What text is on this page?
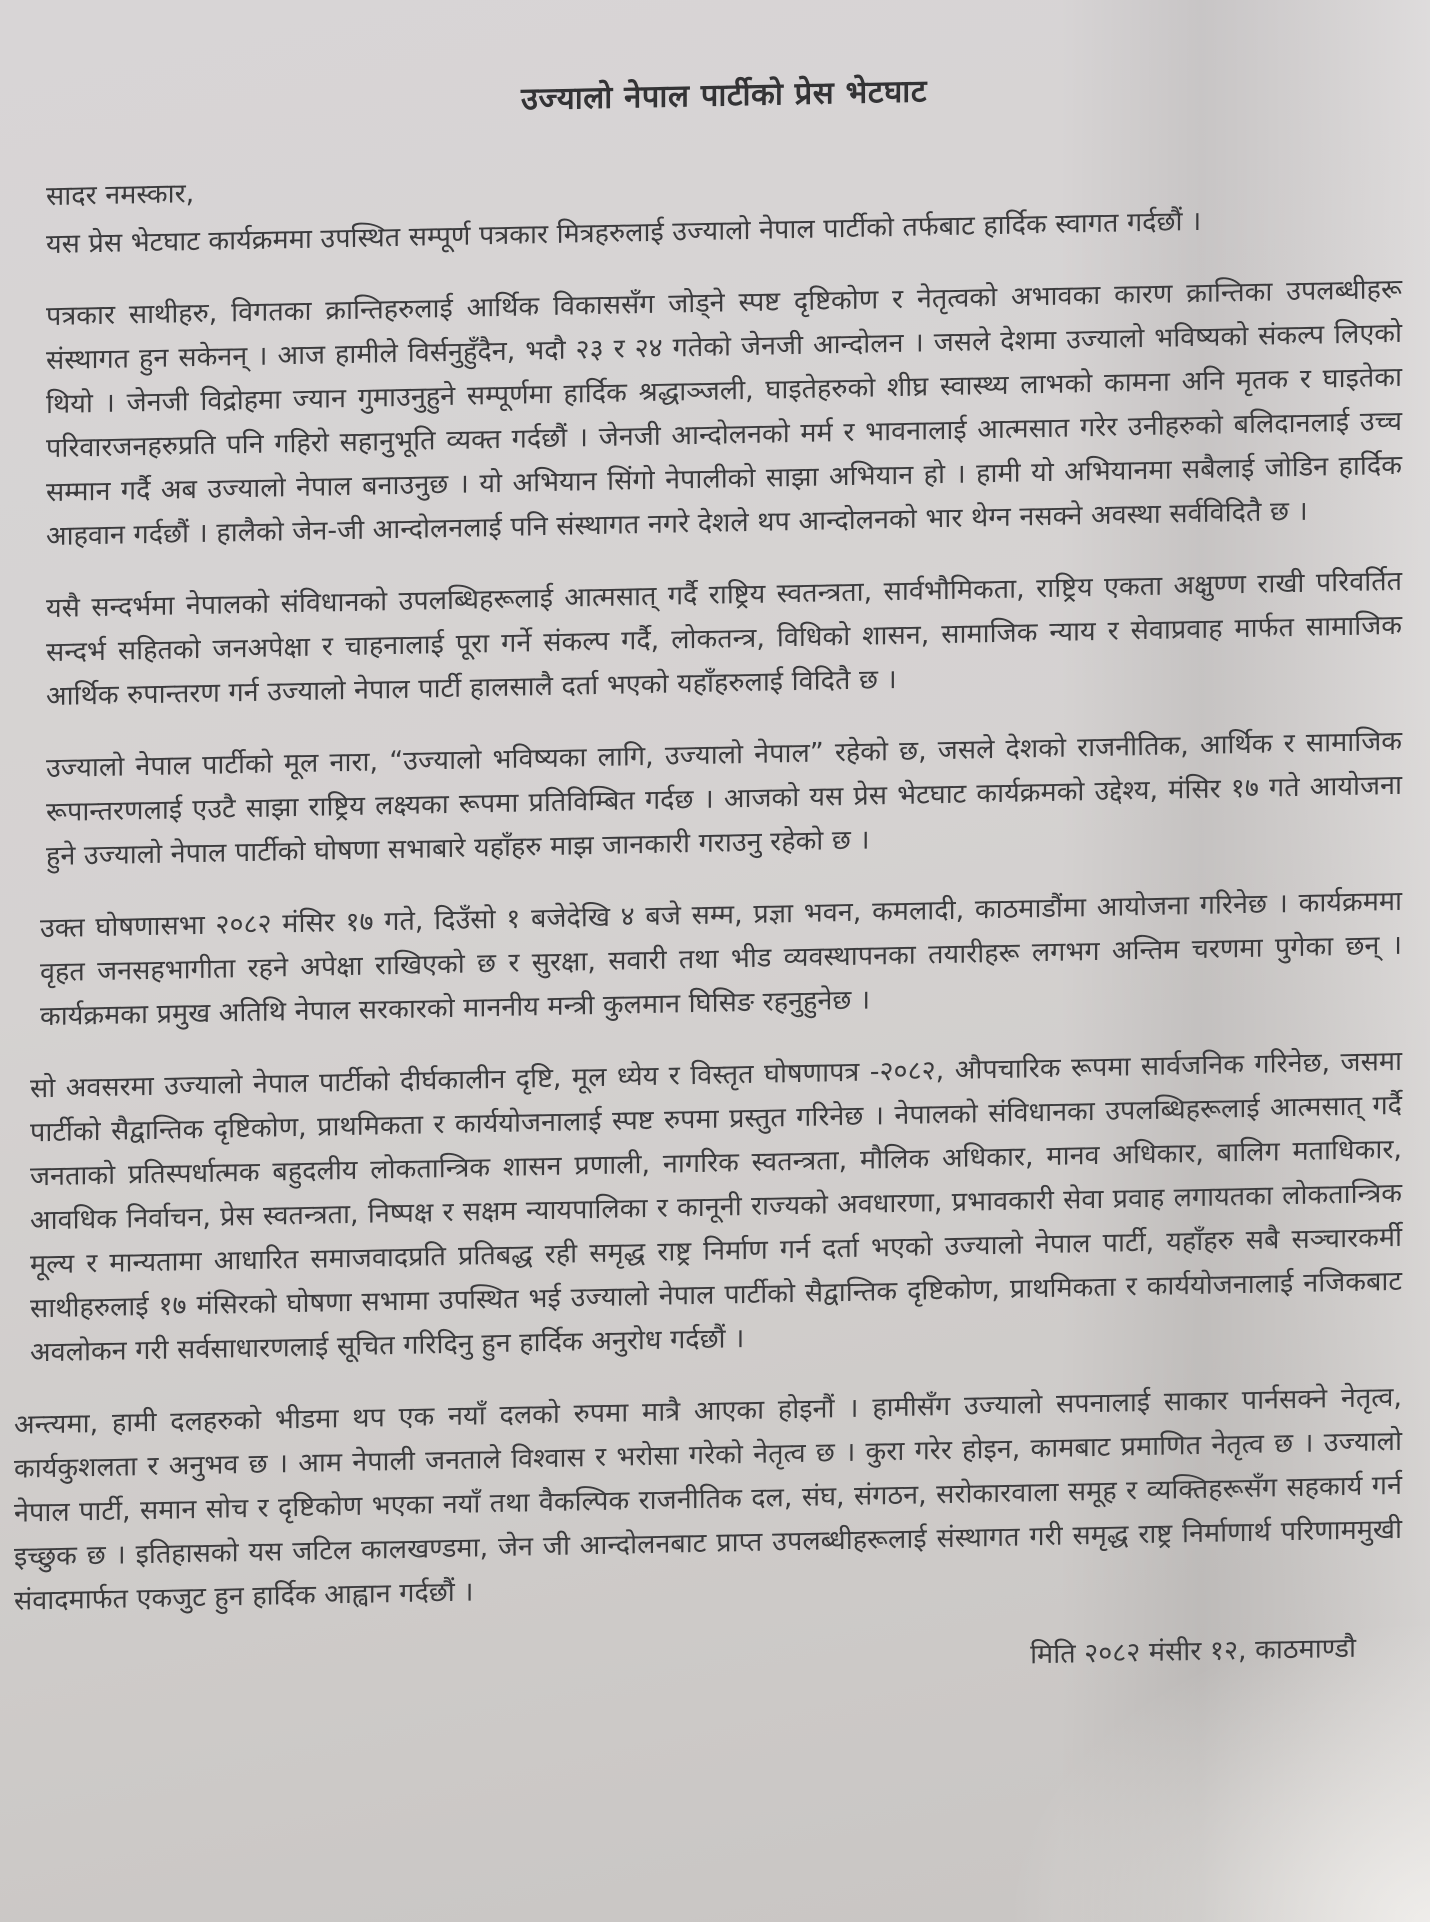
उज्यालो नेपाल पार्टीको प्रेस भेटघाट

सादर नमस्कार,

यस प्रेस भेटघाट कार्यक्रममा उपस्थित सम्पूर्ण पत्रकार मित्रहरुलाई उज्यालो नेपाल पार्टीको तर्फबाट हार्दिक स्वागत गर्दछौं ।

पत्रकार साथीहरु, विगतका क्रान्तिहरुलाई आर्थिक विकाससँग जोड्ने स्पष्ट दृष्टिकोण र नेतृत्वको अभावका कारण क्रान्तिका उपलब्धीहरू संस्थागत हुन सकेनन् । आज हामीले विर्सनुहुँदैन, भदौ २३ र २४ गतेको जेनजी आन्दोलन । जसले देशमा उज्यालो भविष्यको संकल्प लिएको थियो । जेनजी विद्रोहमा ज्यान गुमाउनुहुने सम्पूर्णमा हार्दिक श्रद्धाञ्जली, घाइतेहरुको शीघ्र स्वास्थ्य लाभको कामना अनि मृतक र घाइतेका परिवारजनहरुप्रति पनि गहिरो सहानुभूति व्यक्त गर्दछौं । जेनजी आन्दोलनको मर्म र भावनालाई आत्मसात गरेर उनीहरुको बलिदानलाई उच्च सम्मान गर्दै अब उज्यालो नेपाल बनाउनुछ । यो अभियान सिंगो नेपालीको साझा अभियान हो । हामी यो अभियानमा सबैलाई जोडिन हार्दिक आहवान गर्दछौं । हालैको जेन-जी आन्दोलनलाई पनि संस्थागत नगरे देशले थप आन्दोलनको भार थेग्न नसक्ने अवस्था सर्वविदितै छ ।

यसै सन्दर्भमा नेपालको संविधानको उपलब्धिहरूलाई आत्मसात् गर्दै राष्ट्रिय स्वतन्त्रता, सार्वभौमिकता, राष्ट्रिय एकता अक्षुण्ण राखी परिवर्तित सन्दर्भ सहितको जनअपेक्षा र चाहनालाई पूरा गर्ने संकल्प गर्दै, लोकतन्त्र, विधिको शासन, सामाजिक न्याय र सेवाप्रवाह मार्फत सामाजिक आर्थिक रुपान्तरण गर्न उज्यालो नेपाल पार्टी हालसालै दर्ता भएको यहाँहरुलाई विदितै छ ।

उज्यालो नेपाल पार्टीको मूल नारा, “उज्यालो भविष्यका लागि, उज्यालो नेपाल” रहेको छ, जसले देशको राजनीतिक, आर्थिक र सामाजिक रूपान्तरणलाई एउटै साझा राष्ट्रिय लक्ष्यका रूपमा प्रतिविम्बित गर्दछ । आजको यस प्रेस भेटघाट कार्यक्रमको उद्देश्य, मंसिर १७ गते आयोजना हुने उज्यालो नेपाल पार्टीको घोषणा सभाबारे यहाँहरु माझ जानकारी गराउनु रहेको छ ।

उक्त घोषणासभा २०८२ मंसिर १७ गते, दिउँसो १ बजेदेखि ४ बजे सम्म, प्रज्ञा भवन, कमलादी, काठमाडौंमा आयोजना गरिनेछ । कार्यक्रममा वृहत जनसहभागीता रहने अपेक्षा राखिएको छ र सुरक्षा, सवारी तथा भीड व्यवस्थापनका तयारीहरू लगभग अन्तिम चरणमा पुगेका छन् । कार्यक्रमका प्रमुख अतिथि नेपाल सरकारको माननीय मन्त्री कुलमान घिसिङ रहनुहुनेछ ।

सो अवसरमा उज्यालो नेपाल पार्टीको दीर्घकालीन दृष्टि, मूल ध्येय र विस्तृत घोषणापत्र -२०८२, औपचारिक रूपमा सार्वजनिक गरिनेछ, जसमा पार्टीको सैद्वान्तिक दृष्टिकोण, प्राथमिकता र कार्ययोजनालाई स्पष्ट रुपमा प्रस्तुत गरिनेछ । नेपालको संविधानका उपलब्धिहरूलाई आत्मसात् गर्दै जनताको प्रतिस्पर्धात्मक बहुदलीय लोकतान्त्रिक शासन प्रणाली, नागरिक स्वतन्त्रता, मौलिक अधिकार, मानव अधिकार, बालिग मताधिकार, आवधिक निर्वाचन, प्रेस स्वतन्त्रता, निष्पक्ष र सक्षम न्यायपालिका र कानूनी राज्यको अवधारणा, प्रभावकारी सेवा प्रवाह लगायतका लोकतान्त्रिक मूल्य र मान्यतामा आधारित समाजवादप्रति प्रतिबद्ध रही समृद्ध राष्ट्र निर्माण गर्न दर्ता भएको उज्यालो नेपाल पार्टी, यहाँहरु सबै सञ्चारकर्मी साथीहरुलाई १७ मंसिरको घोषणा सभामा उपस्थित भई उज्यालो नेपाल पार्टीको सैद्वान्तिक दृष्टिकोण, प्राथमिकता र कार्ययोजनालाई नजिकबाट अवलोकन गरी सर्वसाधारणलाई सूचित गरिदिनु हुन हार्दिक अनुरोध गर्दछौं ।

अन्त्यमा, हामी दलहरुको भीडमा थप एक नयाँ दलको रुपमा मात्रै आएका होइनौं । हामीसँग उज्यालो सपनालाई साकार पार्नसक्ने नेतृत्व, कार्यकुशलता र अनुभव छ । आम नेपाली जनताले विश्वास र भरोसा गरेको नेतृत्व छ । कुरा गरेर होइन, कामबाट प्रमाणित नेतृत्व छ । उज्यालो नेपाल पार्टी, समान सोच र दृष्टिकोण भएका नयाँ तथा वैकल्पिक राजनीतिक दल, संघ, संगठन, सरोकारवाला समूह र व्यक्तिहरूसँग सहकार्य गर्न इच्छुक छ । इतिहासको यस जटिल कालखण्डमा, जेन जी आन्दोलनबाट प्राप्त उपलब्धीहरूलाई संस्थागत गरी समृद्ध राष्ट्र निर्माणार्थ परिणाममुखी संवादमार्फत एकजुट हुन हार्दिक आह्वान गर्दछौं ।

मिति २०८२ मंसीर १२, काठमाण्डौ
